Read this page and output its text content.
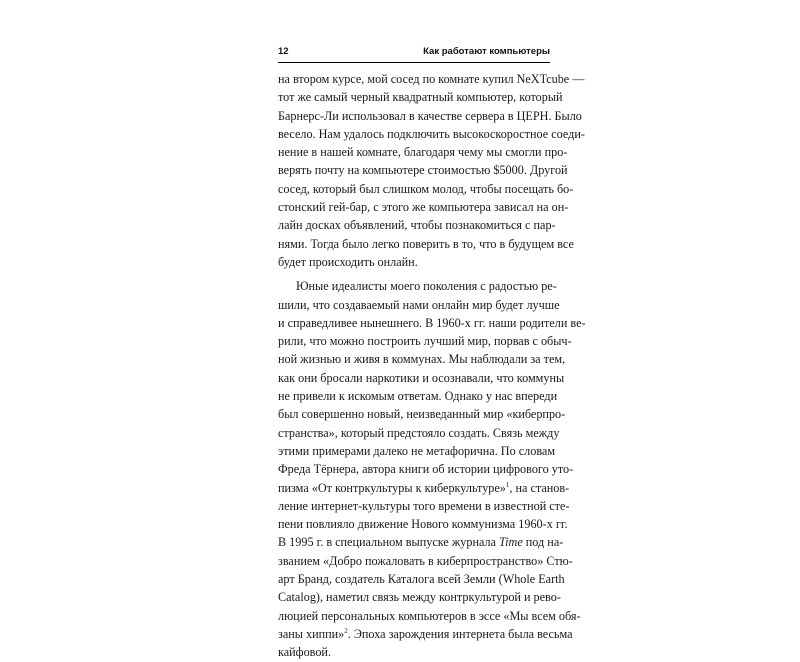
12	Как работают компьютеры
на втором курсе, мой сосед по комнате купил NeXTcube —
тот же самый черный квадратный компьютер, который
Барнерс-Ли использовал в качестве сервера в ЦЕРН. Было
весело. Нам удалось подключить высокоскоростное соеди-
нение в нашей комнате, благодаря чему мы смогли про-
верять почту на компьютере стоимостью $5000. Другой
сосед, который был слишком молод, чтобы посещать бо-
стонский гей-бар, с этого же компьютера зависал на он-
лайн досках объявлений, чтобы познакомиться с пар-
нями. Тогда было легко поверить в то, что в будущем все
будет происходить онлайн.
Юные идеалисты моего поколения с радостью ре-
шили, что создаваемый нами онлайн мир будет лучше
и справедливее нынешнего. В 1960-х гг. наши родители ве-
рили, что можно построить лучший мир, порвав с обыч-
ной жизнью и живя в коммунах. Мы наблюдали за тем,
как они бросали наркотики и осознавали, что коммуны
не привели к искомым ответам. Однако у нас впереди
был совершенно новый, неизведанный мир «киберпро-
странства», который предстояло создать. Связь между
этими примерами далеко не метафорична. По словам
Фреда Тёрнера, автора книги об истории цифрового уто-
пизма «От контркультуры к киберкультуре»$^1$, на станов-
ление интернет-культуры того времени в известной сте-
пени повлияло движение Нового коммунизма 1960-х гг.
В 1995 г. в специальном выпуске журнала Time под на-
званием «Добро пожаловать в киберпространство» Стю-
арт Бранд, создатель Каталога всей Земли (Whole Earth
Catalog), наметил связь между контркультурой и рево-
люцией персональных компьютеров в эссе «Мы всем обя-
заны хиппи»$^2$. Эпоха зарождения интернета была весьма
кайфовой.
